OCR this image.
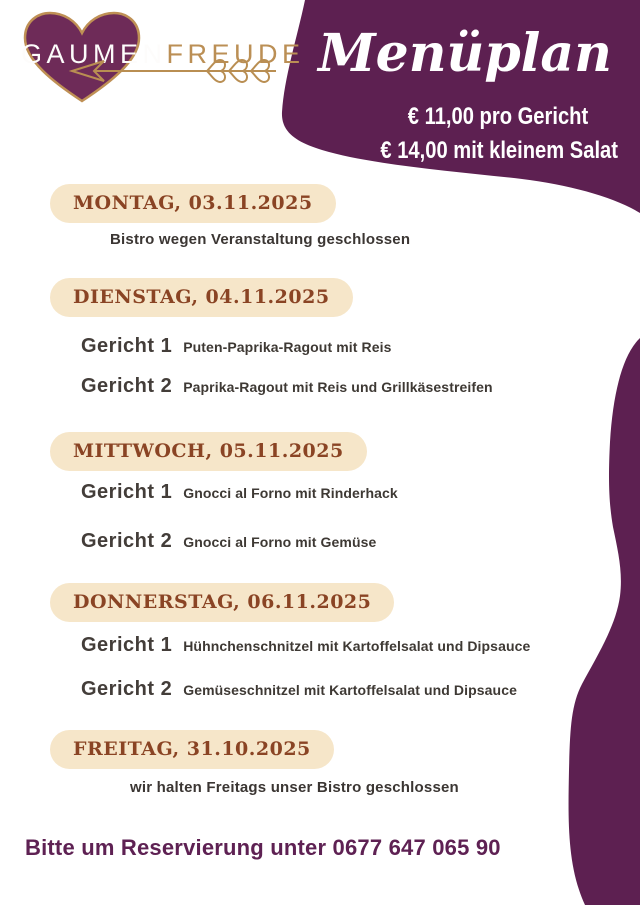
GAUMENFREUDE Menüplan
€ 11,00 pro Gericht
€ 14,00 mit kleinem Salat
MONTAG, 03.11.2025
Bistro wegen Veranstaltung geschlossen
DIENSTAG, 04.11.2025
Gericht 1 Puten-Paprika-Ragout mit Reis
Gericht 2 Paprika-Ragout mit Reis und Grillkäsestreifen
MITTWOCH, 05.11.2025
Gericht 1 Gnocci al Forno mit Rinderhack
Gericht 2 Gnocci al Forno mit Gemüse
DONNERSTAG, 06.11.2025
Gericht 1 Hühnchenschnitzel mit Kartoffelsalat und Dipsauce
Gericht 2 Gemüseschnitzel mit Kartoffelsalat und Dipsauce
FREITAG, 31.10.2025
wir halten Freitags unser Bistro geschlossen
Bitte um Reservierung unter 0677 647 065 90
